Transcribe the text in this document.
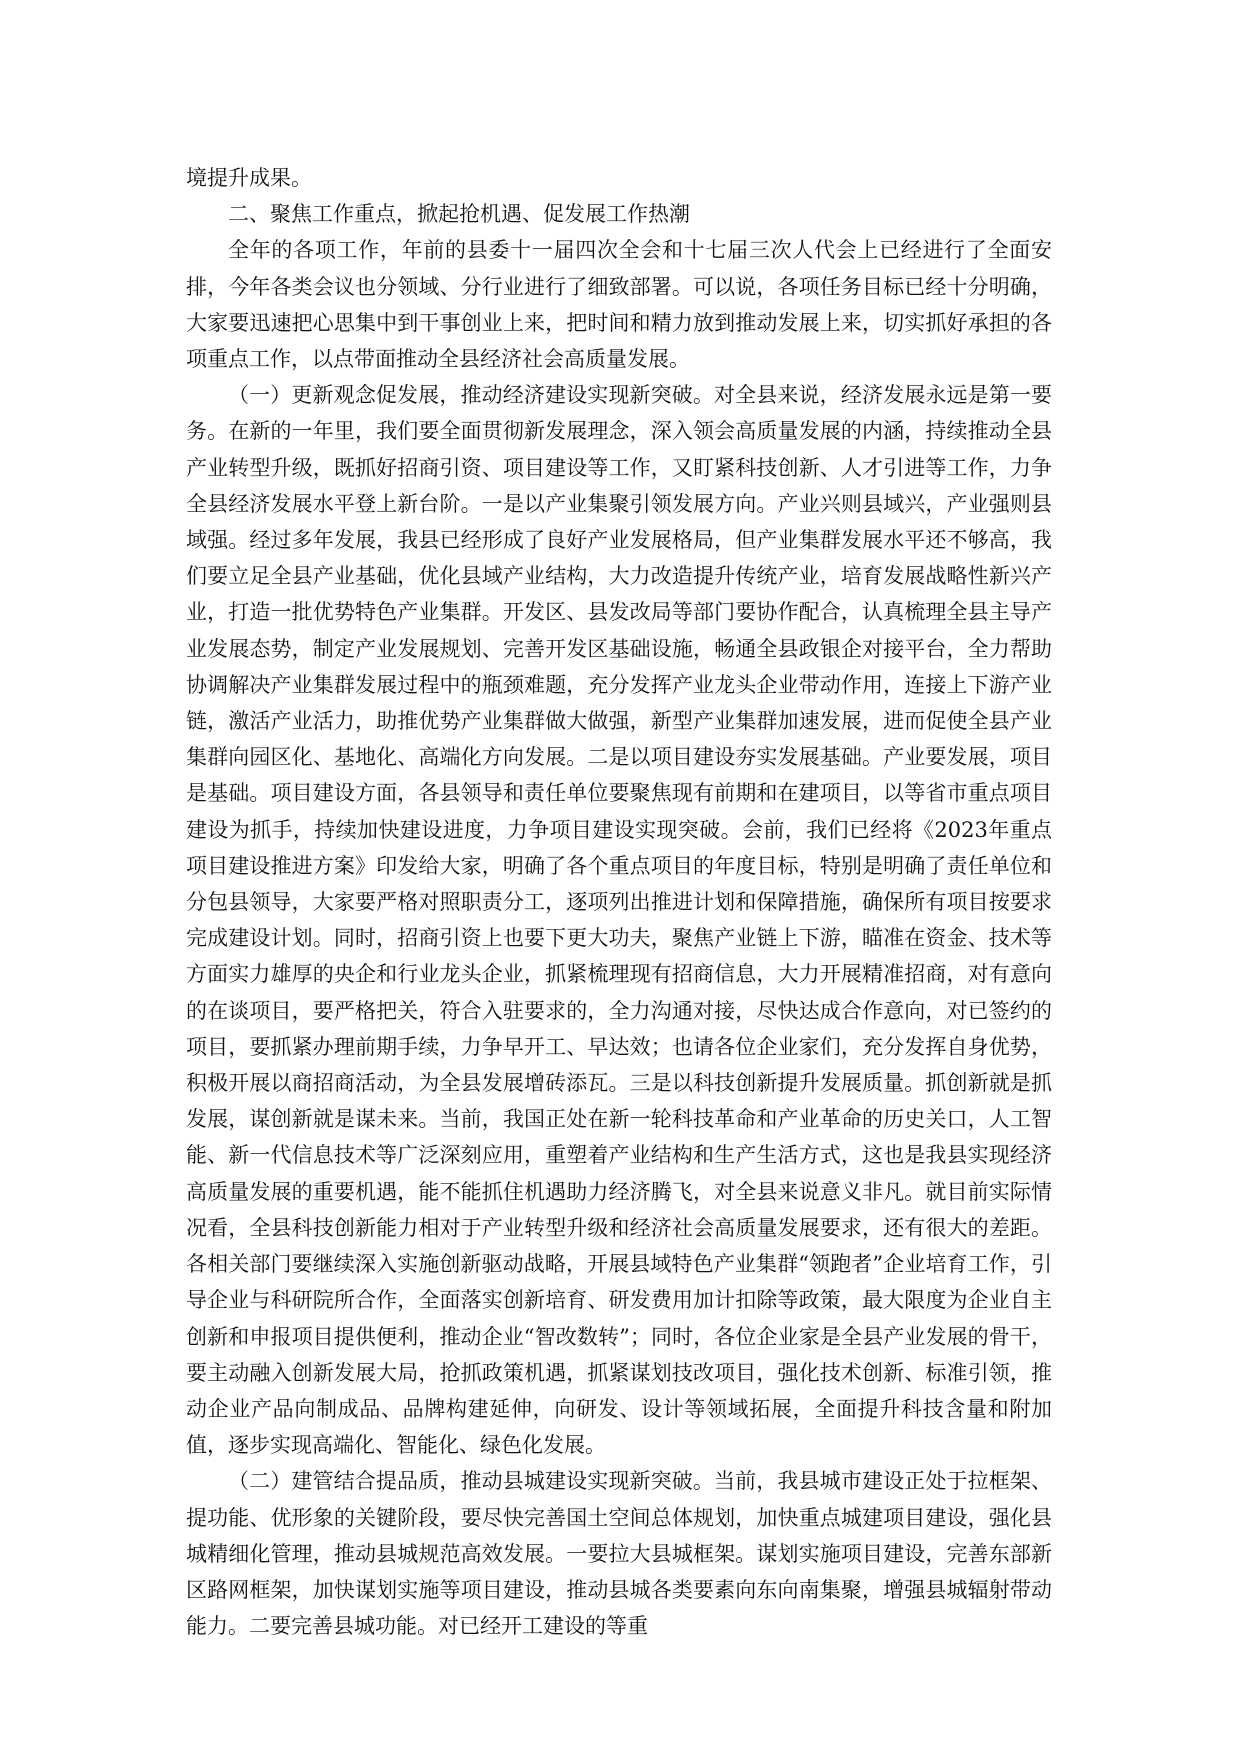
境提升成果。

二、聚焦工作重点，掀起抢机遇、促发展工作热潮

全年的各项工作，年前的县委十一届四次全会和十七届三次人代会上已经进行了全面安排，今年各类会议也分领域、分行业进行了细致部署。可以说，各项任务目标已经十分明确，大家要迅速把心思集中到干事创业上来，把时间和精力放到推动发展上来，切实抓好承担的各项重点工作，以点带面推动全县经济社会高质量发展。

（一）更新观念促发展，推动经济建设实现新突破。对全县来说，经济发展永远是第一要务。在新的一年里，我们要全面贯彻新发展理念，深入领会高质量发展的内涵，持续推动全县产业转型升级，既抓好招商引资、项目建设等工作，又盯紧科技创新、人才引进等工作，力争全县经济发展水平登上新台阶。一是以产业集聚引领发展方向。产业兴则县域兴，产业强则县域强。经过多年发展，我县已经形成了良好产业发展格局，但产业集群发展水平还不够高，我们要立足全县产业基础，优化县域产业结构，大力改造提升传统产业，培育发展战略性新兴产业，打造一批优势特色产业集群。开发区、县发改局等部门要协作配合，认真梳理全县主导产业发展态势，制定产业发展规划、完善开发区基础设施，畅通全县政银企对接平台，全力帮助协调解决产业集群发展过程中的瓶颈难题，充分发挥产业龙头企业带动作用，连接上下游产业链，激活产业活力，助推优势产业集群做大做强，新型产业集群加速发展，进而促使全县产业集群向园区化、基地化、高端化方向发展。二是以项目建设夯实发展基础。产业要发展，项目是基础。项目建设方面，各县领导和责任单位要聚焦现有前期和在建项目，以等省市重点项目建设为抓手，持续加快建设进度，力争项目建设实现突破。会前，我们已经将《2023年重点项目建设推进方案》印发给大家，明确了各个重点项目的年度目标，特别是明确了责任单位和分包县领导，大家要严格对照职责分工，逐项列出推进计划和保障措施，确保所有项目按要求完成建设计划。同时，招商引资上也要下更大功夫，聚焦产业链上下游，瞄准在资金、技术等方面实力雄厚的央企和行业龙头企业，抓紧梳理现有招商信息，大力开展精准招商，对有意向的在谈项目，要严格把关，符合入驻要求的，全力沟通对接，尽快达成合作意向，对已签约的项目，要抓紧办理前期手续，力争早开工、早达效；也请各位企业家们，充分发挥自身优势，积极开展以商招商活动，为全县发展增砖添瓦。三是以科技创新提升发展质量。抓创新就是抓发展，谋创新就是谋未来。当前，我国正处在新一轮科技革命和产业革命的历史关口，人工智能、新一代信息技术等广泛深刻应用，重塑着产业结构和生产生活方式，这也是我县实现经济高质量发展的重要机遇，能不能抓住机遇助力经济腾飞，对全县来说意义非凡。就目前实际情况看，全县科技创新能力相对于产业转型升级和经济社会高质量发展要求，还有很大的差距。各相关部门要继续深入实施创新驱动战略，开展县域特色产业集群“领跑者”企业培育工作，引导企业与科研院所合作，全面落实创新培育、研发费用加计扣除等政策，最大限度为企业自主创新和申报项目提供便利，推动企业“智改数转”；同时，各位企业家是全县产业发展的骨干，要主动融入创新发展大局，抢抓政策机遇，抓紧谋划技改项目，强化技术创新、标准引领，推动企业产品向制成品、品牌构建延伸，向研发、设计等领域拓展，全面提升科技含量和附加值，逐步实现高端化、智能化、绿色化发展。

（二）建管结合提品质，推动县城建设实现新突破。当前，我县城市建设正处于拉框架、提功能、优形象的关键阶段，要尽快完善国土空间总体规划，加快重点城建项目建设，强化县城精细化管理，推动县城规范高效发展。一要拉大县城框架。谋划实施项目建设，完善东部新区路网框架，加快谋划实施等项目建设，推动县城各类要素向东向南集聚，增强县城辐射带动能力。二要完善县城功能。对已经开工建设的等重
